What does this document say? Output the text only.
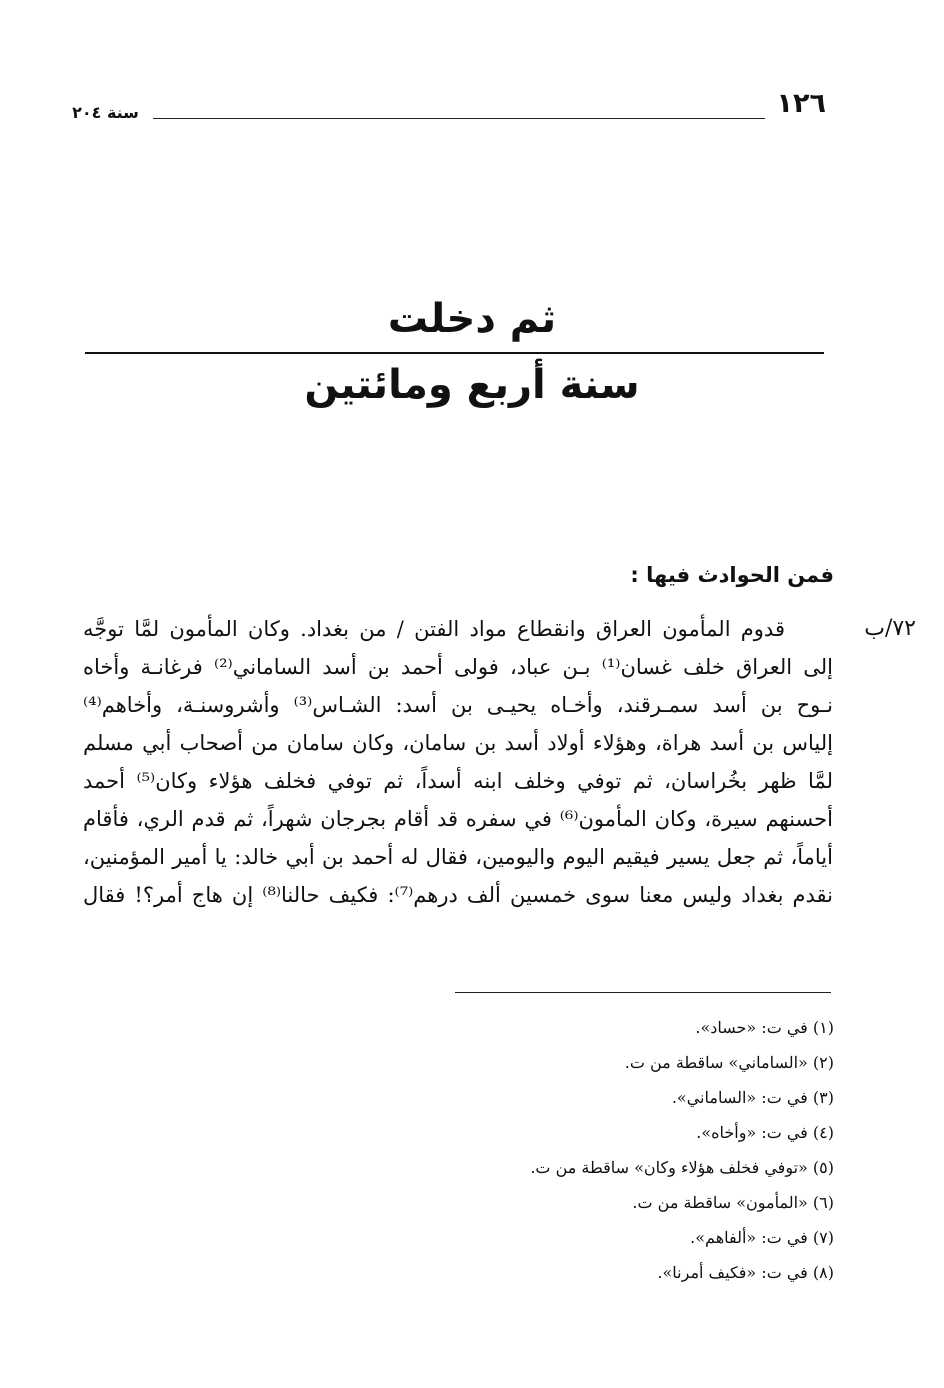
١٢٦
سنة ٢٠٤
ثم دخلت
سنة أربع ومائتين
فمن الحوادث فيها :
٧٢/ب
قدوم المأمون العراق وانقطاع مواد الفتن / من بغداد. وكان المأمون لمَّا توجَّه
إلى العراق خلف غسان⁽¹⁾ بـن عباد، فولى أحمد بن أسد الساماني⁽²⁾ فرغانـة وأخاه
نـوح بن أسد سمـرقند، وأخـاه يحيـى بن أسد: الشـاس⁽³⁾ وأشروسنـة، وأخاهم⁽⁴⁾
إلياس بن أسد هراة، وهؤلاء أولاد أسد بن سامان، وكان سامان من أصحاب أبي مسلم
لمَّا ظهر بخُراسان، ثم توفي وخلف ابنه أسداً، ثم توفي فخلف هؤلاء وكان⁽⁵⁾ أحمد
أحسنهم سيرة، وكان المأمون⁽⁶⁾ في سفره قد أقام بجرجان شهراً، ثم قدم الري، فأقام
أياماً، ثم جعل يسير فيقيم اليوم واليومين، فقال له أحمد بن أبي خالد: يا أمير المؤمنين،
نقدم بغداد وليس معنا سوى خمسين ألف درهم⁽⁷⁾: فكيف حالنا⁽⁸⁾ إن هاج أمر؟! فقال
(١) في ت: «حساد».
(٢) «الساماني» ساقطة من ت.
(٣) في ت: «الساماني».
(٤) في ت: «وأخاه».
(٥) «توفي فخلف هؤلاء وكان» ساقطة من ت.
(٦) «المأمون» ساقطة من ت.
(٧) في ت: «ألفاهم».
(٨) في ت: «فكيف أمرنا».
